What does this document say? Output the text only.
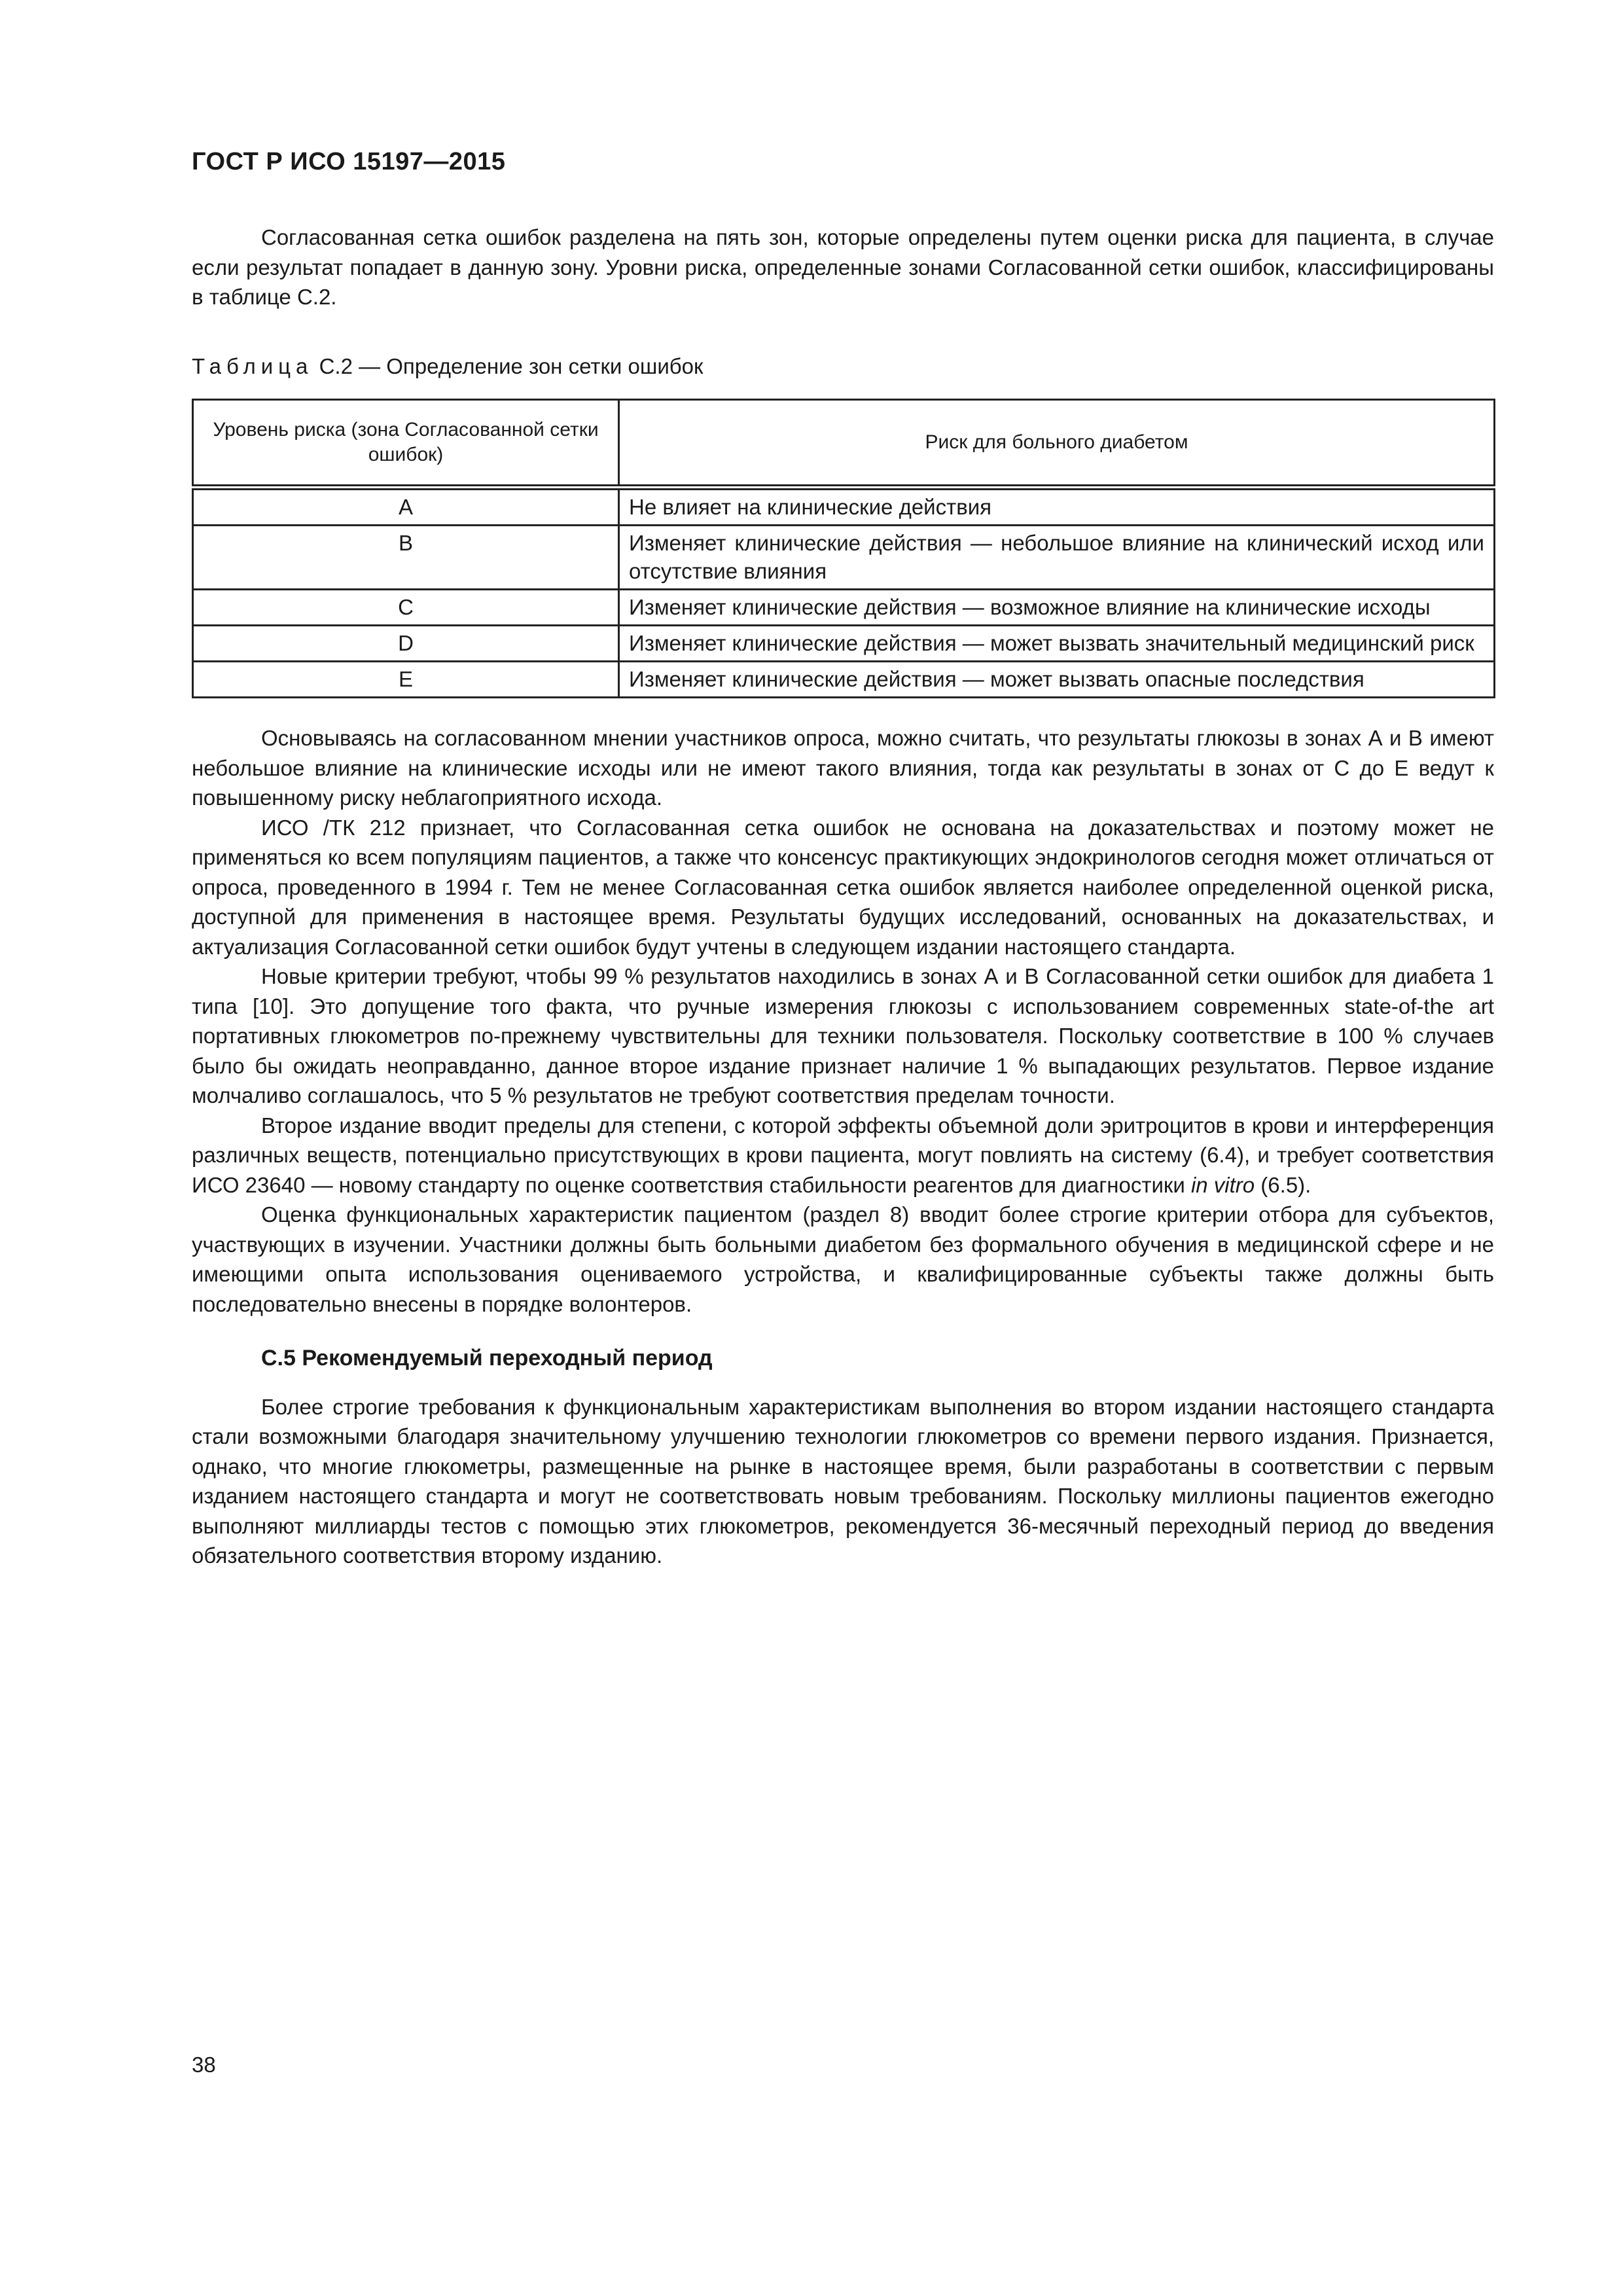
ГОСТ Р ИСО 15197—2015

Согласованная сетка ошибок разделена на пять зон, которые определены путем оценки риска для пациента, в случае если результат попадает в данную зону. Уровни риска, определенные зонами Согласованной сетки ошибок, классифицированы в таблице С.2.

Таблица С.2 — Определение зон сетки ошибок
Уровень риска (зона Согласованной сетки ошибок)	Риск для больного диабетом
A	Не влияет на клинические действия
B	Изменяет клинические действия — небольшое влияние на клинический исход или отсутствие влияния
C	Изменяет клинические действия — возможное влияние на клинические исходы
D	Изменяет клинические действия — может вызвать значительный медицинский риск
E	Изменяет клинические действия — может вызвать опасные последствия

Основываясь на согласованном мнении участников опроса, можно считать, что результаты глюкозы в зонах А и В имеют небольшое влияние на клинические исходы или не имеют такого влияния, тогда как результаты в зонах от С до Е ведут к повышенному риску неблагоприятного исхода.

ИСО /ТК 212 признает, что Согласованная сетка ошибок не основана на доказательствах и поэтому может не применяться ко всем популяциям пациентов, а также что консенсус практикующих эндокринологов сегодня может отличаться от опроса, проведенного в 1994 г. Тем не менее Согласованная сетка ошибок является наиболее определенной оценкой риска, доступной для применения в настоящее время. Результаты будущих исследований, основанных на доказательствах, и актуализация Согласованной сетки ошибок будут учтены в следующем издании настоящего стандарта.

Новые критерии требуют, чтобы 99 % результатов находились в зонах А и В Согласованной сетки ошибок для диабета 1 типа [10]. Это допущение того факта, что ручные измерения глюкозы с использованием современных state-of-the art портативных глюкометров по-прежнему чувствительны для техники пользователя. Поскольку соответствие в 100 % случаев было бы ожидать неоправданно, данное второе издание признает наличие 1 % выпадающих результатов. Первое издание молчаливо соглашалось, что 5 % результатов не требуют соответствия пределам точности.

Второе издание вводит пределы для степени, с которой эффекты объемной доли эритроцитов в крови и интерференция различных веществ, потенциально присутствующих в крови пациента, могут повлиять на систему (6.4), и требует соответствия ИСО 23640 — новому стандарту по оценке соответствия стабильности реагентов для диагностики in vitro (6.5).

Оценка функциональных характеристик пациентом (раздел 8) вводит более строгие критерии отбора для субъектов, участвующих в изучении. Участники должны быть больными диабетом без формального обучения в медицинской сфере и не имеющими опыта использования оцениваемого устройства, и квалифицированные субъекты также должны быть последовательно внесены в порядке волонтеров.

С.5 Рекомендуемый переходный период

Более строгие требования к функциональным характеристикам выполнения во втором издании настоящего стандарта стали возможными благодаря значительному улучшению технологии глюкометров со времени первого издания. Признается, однако, что многие глюкометры, размещенные на рынке в настоящее время, были разработаны в соответствии с первым изданием настоящего стандарта и могут не соответствовать новым требованиям. Поскольку миллионы пациентов ежегодно выполняют миллиарды тестов с помощью этих глюкометров, рекомендуется 36-месячный переходный период до введения обязательного соответствия второму изданию.

38
